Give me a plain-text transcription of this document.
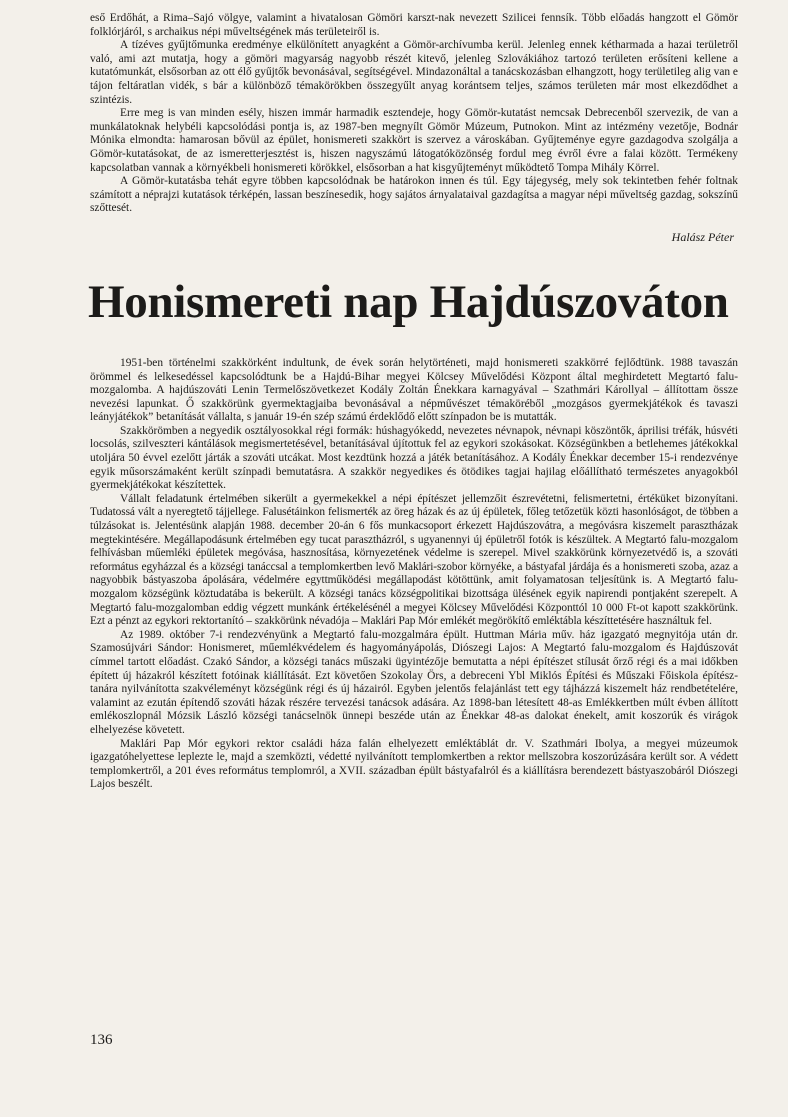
eső Erdőhát, a Rima–Sajó völgye, valamint a hivatalosan Gömöri karszt-nak nevezett Szilicei fennsík. Több előadás hangzott el Gömör folklórjáról, s archaikus népi műveltségének más területeiről is.

A tízéves gyűjtőmunka eredménye elkülönített anyagként a Gömör-archívumba kerül. Jelenleg ennek kétharmada a hazai területről való, ami azt mutatja, hogy a gömöri magyarság nagyobb részét kitevő, jelenleg Szlovákiához tartozó területen erősíteni kellene a kutatómunkát, elsősorban az ott élő gyűjtők bevonásával, segítségével. Mindazonáltal a tanácskozásban elhangzott, hogy területileg alig van e tájon feltáratlan vidék, s bár a különböző témakörökben összegyűlt anyag korántsem teljes, számos területen már most elkezdődhet a szintézis.

Erre meg is van minden esély, hiszen immár harmadik esztendeje, hogy Gömör-kutatást nemcsak Debrecenből szervezik, de van a munkálatoknak helybéli kapcsolódási pontja is, az 1987-ben megnyílt Gömör Múzeum, Putnokon. Mint az intézmény vezetője, Bodnár Mónika elmondta: hamarosan bővül az épület, honismereti szakkört is szervez a városkában. Gyűjteménye egyre gazdagodva szolgálja a Gömör-kutatásokat, de az ismeretterjesztést is, hiszen nagyszámú látogatóközönség fordul meg évről évre a falai között. Termékeny kapcsolatban vannak a környékbeli honismereti körökkel, elsősorban a hat kisgyűjteményt működtető Tompa Mihály Körrel.

A Gömör-kutatásba tehát egyre többen kapcsolódnak be határokon innen és túl. Egy tájegység, mely sok tekintetben fehér foltnak számított a néprajzi kutatások térképén, lassan beszínesedik, hogy sajátos árnyalataival gazdagítsa a magyar népi műveltség gazdag, sokszínű szőttesét.

Halász Péter
Honismereti nap Hajdúszováton

1951-ben történelmi szakkörként indultunk, de évek során helytörténeti, majd honismereti szakkörré fejlődtünk. 1988 tavaszán örömmel és lelkesedéssel kapcsolódtunk be a Hajdú-Bihar megyei Kölcsey Művelődési Központ által meghirdetett Megtartó falu-mozgalomba. A hajdúszováti Lenin Termelőszövetkezet Kodály Zoltán Énekkara karnagyával – Szathmári Károllyal – állítottam össze nevezési lapunkat. Ő szakkörünk gyermektagjaiba bevonásával a népművészet témaköréből „mozgásos gyermekjátékok és tavaszi leányjátékok” betanítását vállalta, s január 19-én szép számú érdeklődő előtt színpadon be is mutatták.

Szakkörömben a negyedik osztályosokkal régi formák: húshagyókedd, nevezetes névnapok, névnapi köszöntők, áprilisi tréfák, húsvéti locsolás, szilveszteri kántálások megismertetésével, betanításával újítottuk fel az egykori szokásokat. Községünkben a betlehemes játékokkal utoljára 50 évvel ezelőtt járták a szováti utcákat. Most kezdtünk hozzá a játék betanításához. A Kodály Énekkar december 15-i rendezvénye egyik műsorszámaként került színpadi bemutatásra. A szakkör negyedikes és ötödikes tagjai hajilag előállítható természetes anyagokból gyermekjátékokat készítettek.

Vállalt feladatunk értelmében sikerült a gyermekekkel a népi építészet jellemzőit észrevétetni, felismertetni, értéküket bizonyítani. Tudatossá vált a nyeregtető tájjellege. Falusétáinkon felismerték az öreg házak és az új épületek, főleg tetőzetük közti hasonlóságot, de többen a túlzásokat is. Jelentésünk alapján 1988. december 20-án 6 fős munkacsoport érkezett Hajdúszovátra, a megóvásra kiszemelt parasztházak megtekintésére. Megállapodásunk értelmében egy tucat parasztházról, s ugyanennyi új épületről fotók is készültek. A Megtartó falu-mozgalom felhívásban műemléki épületek megóvása, hasznosítása, környezetének védelme is szerepel. Mivel szakkörünk környezetvédő is, a szováti református egyházzal és a községi tanáccsal a templomkertben levő Maklári-szobor környéke, a bástyafal járdája és a honismereti szoba, azaz a nagyobbik bástyaszoba ápolására, védelmére egyttműködési megállapodást kötöttünk, amit folyamatosan teljesítünk is. A Megtartó falu-mozgalom községünk köztudatába is bekerült. A községi tanács községpolitikai bizottsága ülésének egyik napirendi pontjaként szerepelt. A Megtartó falu-mozgalomban eddig végzett munkánk értékelésénél a megyei Kölcsey Művelődési Központtól 10 000 Ft-ot kapott szakkörünk. Ezt a pénzt az egykori rektortanító – szakkörünk névadója – Maklári Pap Mór emlékét megörökítő emléktábla készíttetésére használtuk fel.

Az 1989. október 7-i rendezvényünk a Megtartó falu-mozgalmára épült. Huttman Mária műv. ház igazgató megnyitója után dr. Szamosújvári Sándor: Honismeret, műemlékvédelem és hagyományápolás, Diószegi Lajos: A Megtartó falu-mozgalom és Hajdúszovát címmel tartott előadást. Czakó Sándor, a községi tanács műszaki ügyintézője bemutatta a népi építészet stílusát őrző régi és a mai időkben épített új házakról készített fotóinak kiállítását. Ezt követően Szokolay Örs, a debreceni Ybl Miklós Építési és Műszaki Főiskola építész-tanára nyilvánította szakvéleményt községünk régi és új házairól. Egyben jelentős felajánlást tett egy tájházzá kiszemelt ház rendbetételére, valamint az ezután építendő szováti házak részére tervezési tanácsok adására. Az 1898-ban létesített 48-as Emlékkertben múlt évben állított emlékoszlopnál Mózsik László községi tanácselnök ünnepi beszéde után az Énekkar 48-as dalokat énekelt, amit koszorúk és virágok elhelyezése követett.

Maklári Pap Mór egykori rektor családi háza falán elhelyezett emléktáblát dr. V. Szathmári Ibolya, a megyei múzeumok igazgatóhelyettese leplezte le, majd a szemközti, védetté nyilvánított templomkertben a rektor mellszobra koszorúzására került sor. A védett templomkertről, a 201 éves református templomról, a XVII. században épült bástyafalról és a kiállításra berendezett bástyaszobáról Diószegi Lajos beszélt.

136
